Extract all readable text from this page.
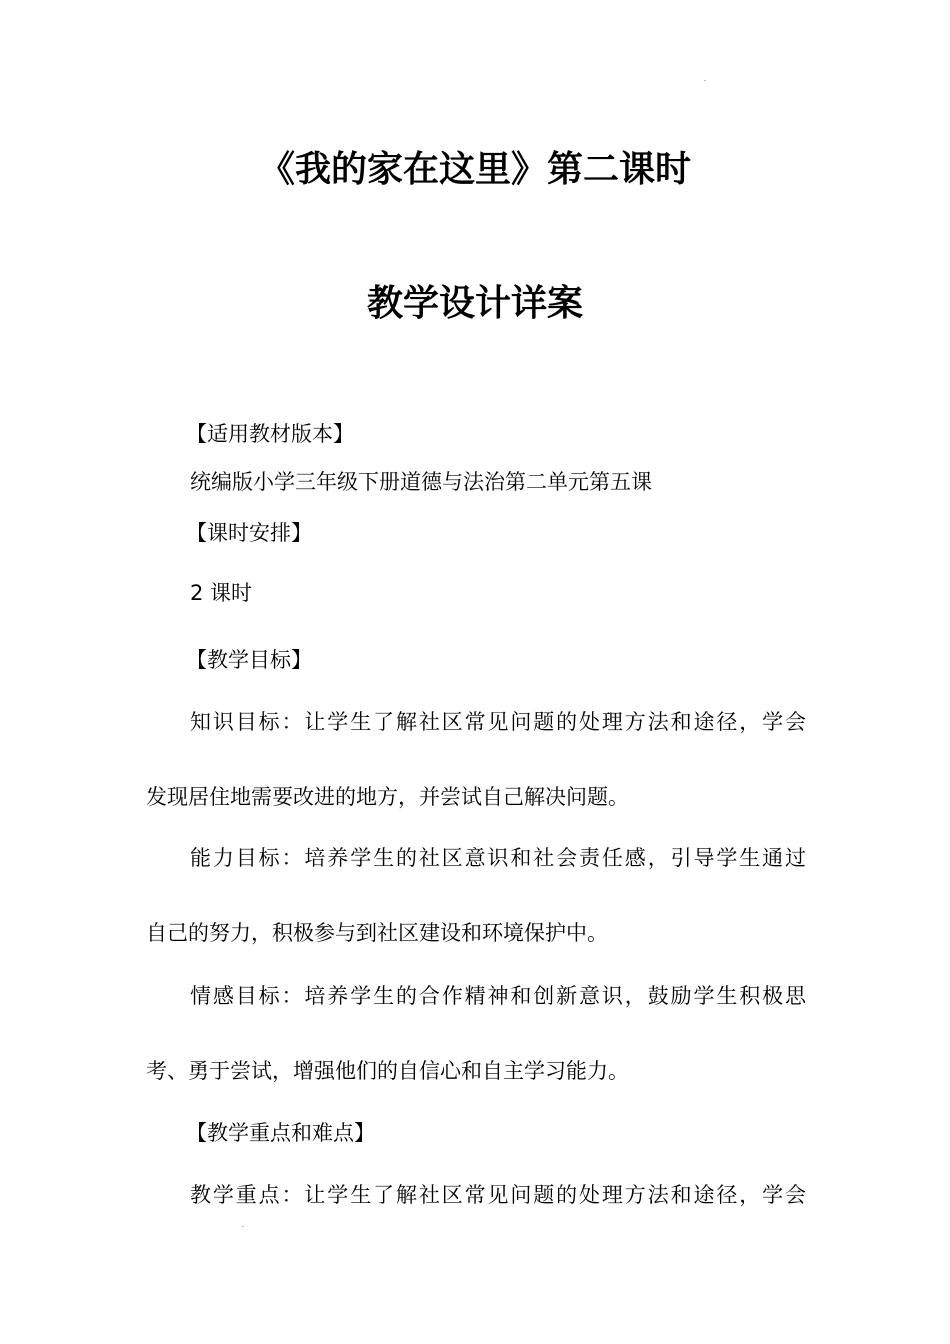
《我的家在这里》第二课时
教学设计详案
【适用教材版本】
统编版小学三年级下册道德与法治第二单元第五课
【课时安排】
2 课时
【教学目标】
知识目标：让学生了解社区常见问题的处理方法和途径，学会
发现居住地需要改进的地方，并尝试自己解决问题。
能力目标：培养学生的社区意识和社会责任感，引导学生通过
自己的努力，积极参与到社区建设和环境保护中。
情感目标：培养学生的合作精神和创新意识，鼓励学生积极思
考、勇于尝试，增强他们的自信心和自主学习能力。
【教学重点和难点】
教学重点：让学生了解社区常见问题的处理方法和途径，学会
